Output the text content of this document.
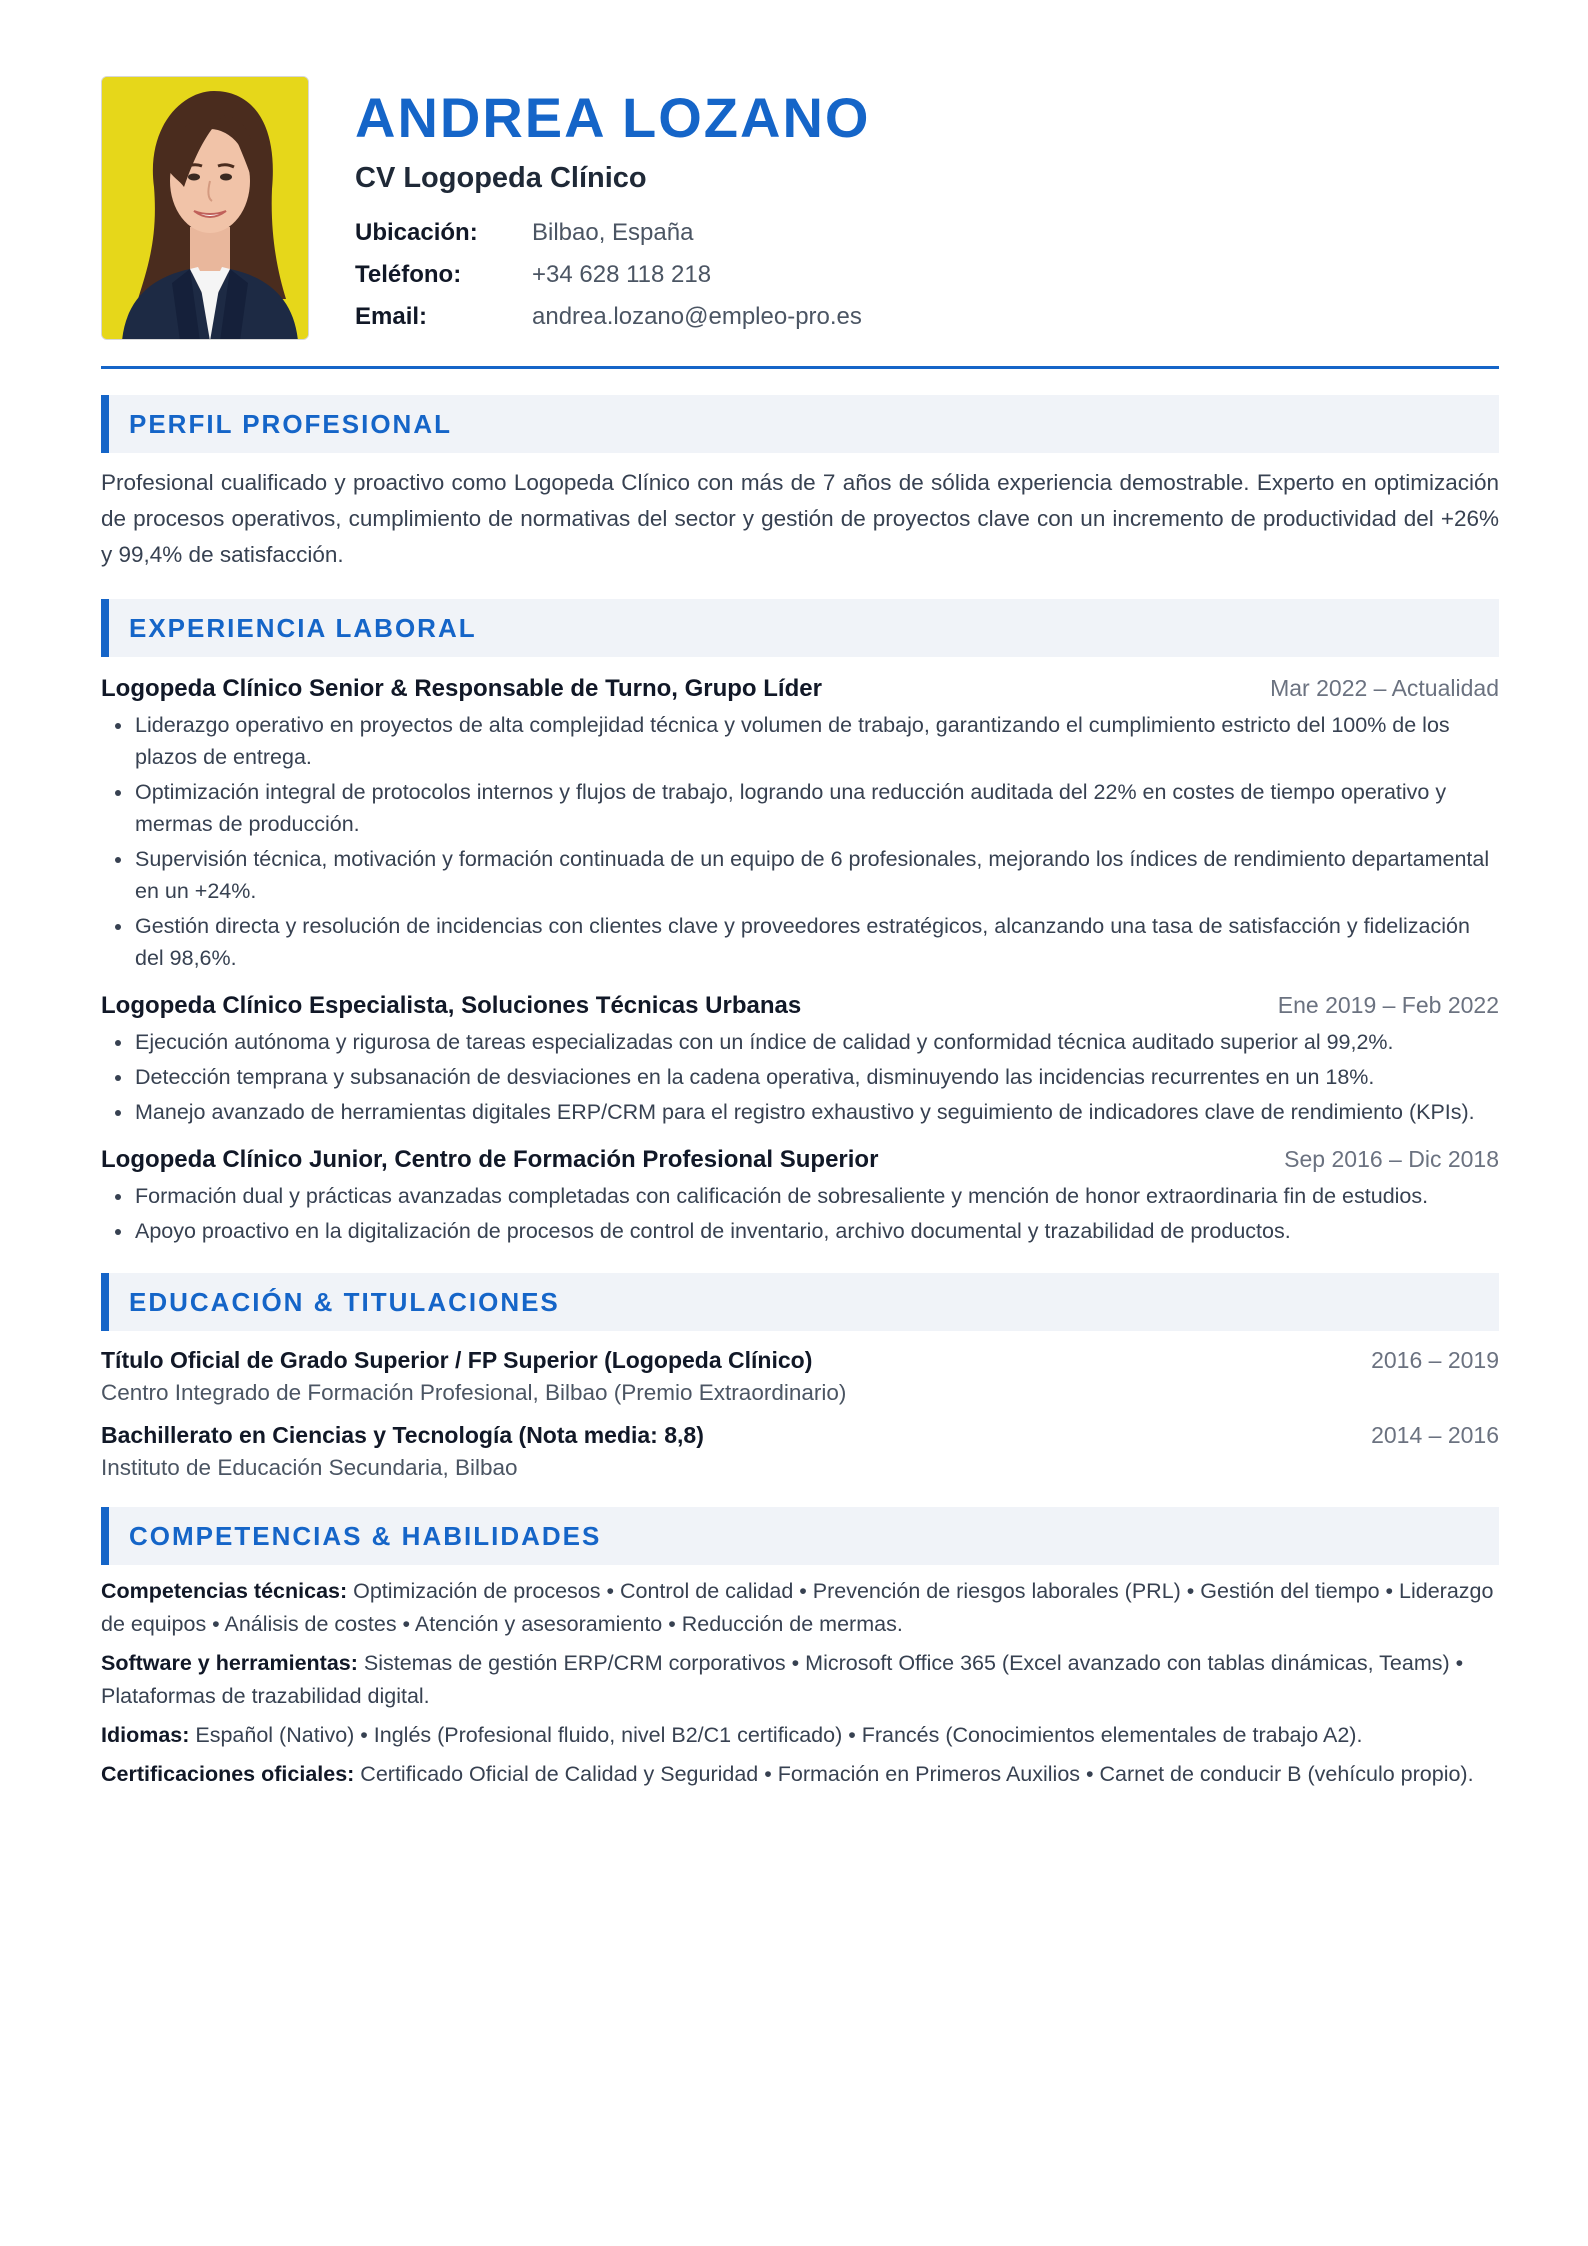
ANDREA LOZANO
CV Logopeda Clínico
Ubicación:	Bilbao, España
Teléfono:	+34 628 118 218
Email:	andrea.lozano@empleo-pro.es
PERFIL PROFESIONAL

Profesional cualificado y proactivo como Logopeda Clínico con más de 7 años de sólida experiencia demostrable. Experto en optimización de procesos operativos, cumplimiento de normativas del sector y gestión de proyectos clave con un incremento de productividad del +26% y 99,4% de satisfacción.

EXPERIENCIA LABORAL
Logopeda Clínico Senior & Responsable de Turno, Grupo Líder	Mar 2022 – Actualidad
• Liderazgo operativo en proyectos de alta complejidad técnica y volumen de trabajo, garantizando el cumplimiento estricto del 100% de los plazos de entrega.
• Optimización integral de protocolos internos y flujos de trabajo, logrando una reducción auditada del 22% en costes de tiempo operativo y mermas de producción.
• Supervisión técnica, motivación y formación continuada de un equipo de 6 profesionales, mejorando los índices de rendimiento departamental en un +24%.
• Gestión directa y resolución de incidencias con clientes clave y proveedores estratégicos, alcanzando una tasa de satisfacción y fidelización del 98,6%.
Logopeda Clínico Especialista, Soluciones Técnicas Urbanas	Ene 2019 – Feb 2022
• Ejecución autónoma y rigurosa de tareas especializadas con un índice de calidad y conformidad técnica auditado superior al 99,2%.
• Detección temprana y subsanación de desviaciones en la cadena operativa, disminuyendo las incidencias recurrentes en un 18%.
• Manejo avanzado de herramientas digitales ERP/CRM para el registro exhaustivo y seguimiento de indicadores clave de rendimiento (KPIs).
Logopeda Clínico Junior, Centro de Formación Profesional Superior	Sep 2016 – Dic 2018
• Formación dual y prácticas avanzadas completadas con calificación de sobresaliente y mención de honor extraordinaria fin de estudios.
• Apoyo proactivo en la digitalización de procesos de control de inventario, archivo documental y trazabilidad de productos.
EDUCACIÓN & TITULACIONES
Título Oficial de Grado Superior / FP Superior (Logopeda Clínico)	2016 – 2019
Centro Integrado de Formación Profesional, Bilbao (Premio Extraordinario)
Bachillerato en Ciencias y Tecnología (Nota media: 8,8)	2014 – 2016
Instituto de Educación Secundaria, Bilbao
COMPETENCIAS & HABILIDADES
Competencias técnicas: Optimización de procesos • Control de calidad • Prevención de riesgos laborales (PRL) • Gestión del tiempo • Liderazgo de equipos • Análisis de costes • Atención y asesoramiento • Reducción de mermas.
Software y herramientas: Sistemas de gestión ERP/CRM corporativos • Microsoft Office 365 (Excel avanzado con tablas dinámicas, Teams) • Plataformas de trazabilidad digital.
Idiomas: Español (Nativo) • Inglés (Profesional fluido, nivel B2/C1 certificado) • Francés (Conocimientos elementales de trabajo A2).
Certificaciones oficiales: Certificado Oficial de Calidad y Seguridad • Formación en Primeros Auxilios • Carnet de conducir B (vehículo propio).
